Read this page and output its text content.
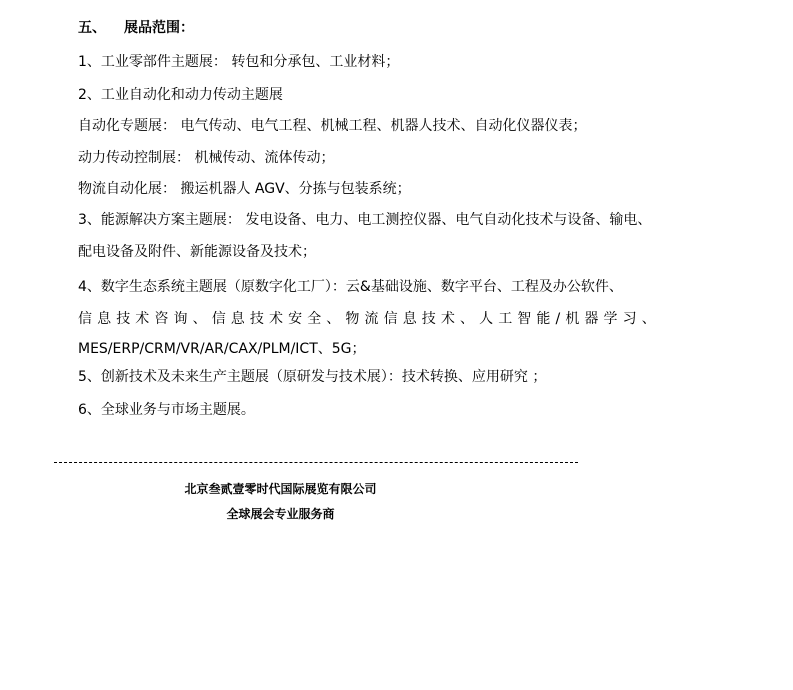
五、 展品范围：
1、工业零部件主题展： 转包和分承包、工业材料；
2、工业自动化和动力传动主题展
自动化专题展： 电气传动、电气工程、机械工程、机器人技术、自动化仪器仪表；
动力传动控制展： 机械传动、流体传动；
物流自动化展： 搬运机器人 AGV、分拣与包装系统；
3、能源解决方案主题展： 发电设备、电力、电工测控仪器、电气自动化技术与设备、输电、
配电设备及附件、新能源设备及技术；
4、数字生态系统主题展（原数字化工厂）：云&基础设施、数字平台、工程及办公软件、
信息技术咨询、信息技术安全、物流信息技术、人工智能/机器学习、
MES/ERP/CRM/VR/AR/CAX/PLM/ICT、5G；
5、创新技术及未来生产主题展（原研发与技术展）：技术转换、应用研究 ；
6、全球业务与市场主题展。
北京叁贰壹零时代国际展览有限公司
全球展会专业服务商
